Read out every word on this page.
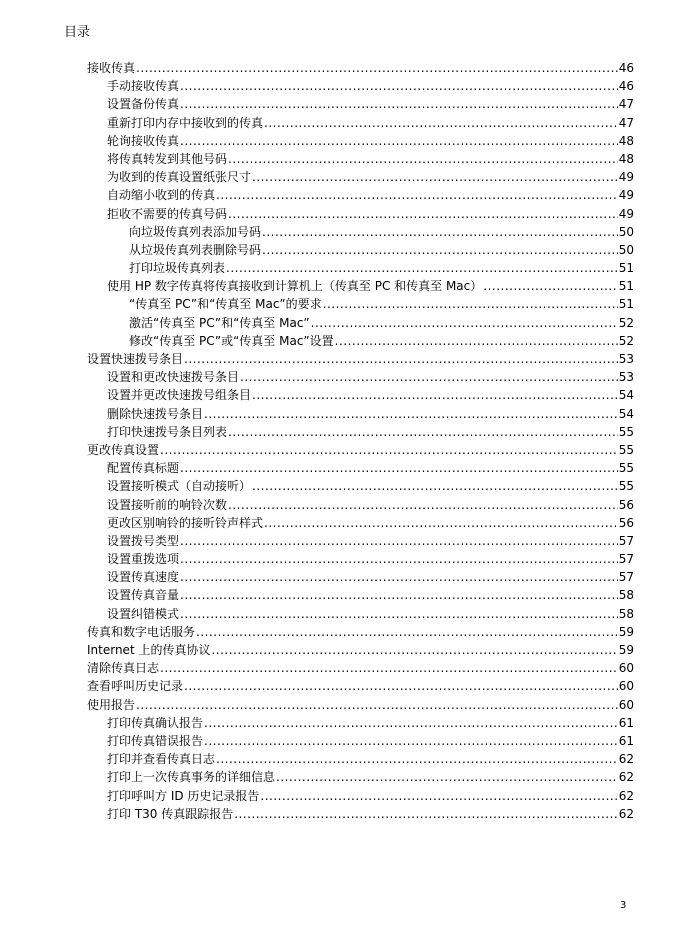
目录
接收传真 .....	46
手动接收传真 .....	46
设置备份传真 .....	47
重新打印内存中接收到的传真 .....	47
轮询接收传真 .....	48
将传真转发到其他号码 .....	48
为收到的传真设置纸张尺寸 .....	49
自动缩小收到的传真 .....	49
拒收不需要的传真号码 .....	49
向垃圾传真列表添加号码 .....	50
从垃圾传真列表删除号码 .....	50
打印垃圾传真列表 .....	51
使用 HP 数字传真将传真接收到计算机上（传真至 PC 和传真至 Mac） .....	51
“传真至 PC”和“传真至 Mac”的要求 .....	51
激活“传真至 PC”和“传真至 Mac” .....	52
修改“传真至 PC”或“传真至 Mac”设置 .....	52
设置快速拨号条目 .....	53
设置和更改快速拨号条目 .....	53
设置并更改快速拨号组条目 .....	54
删除快速拨号条目 .....	54
打印快速拨号条目列表 .....	55
更改传真设置 .....	55
配置传真标题 .....	55
设置接听模式（自动接听） .....	55
设置接听前的响铃次数 .....	56
更改区别响铃的接听铃声样式 .....	56
设置拨号类型 .....	57
设置重拨选项 .....	57
设置传真速度 .....	57
设置传真音量 .....	58
设置纠错模式 .....	58
传真和数字电话服务 .....	59
Internet 上的传真协议 .....	59
清除传真日志 .....	60
查看呼叫历史记录 .....	60
使用报告 .....	60
打印传真确认报告 .....	61
打印传真错误报告 .....	61
打印并查看传真日志 .....	62
打印上一次传真事务的详细信息 .....	62
打印呼叫方 ID 历史记录报告 .....	62
打印 T30 传真跟踪报告 .....	62
3
